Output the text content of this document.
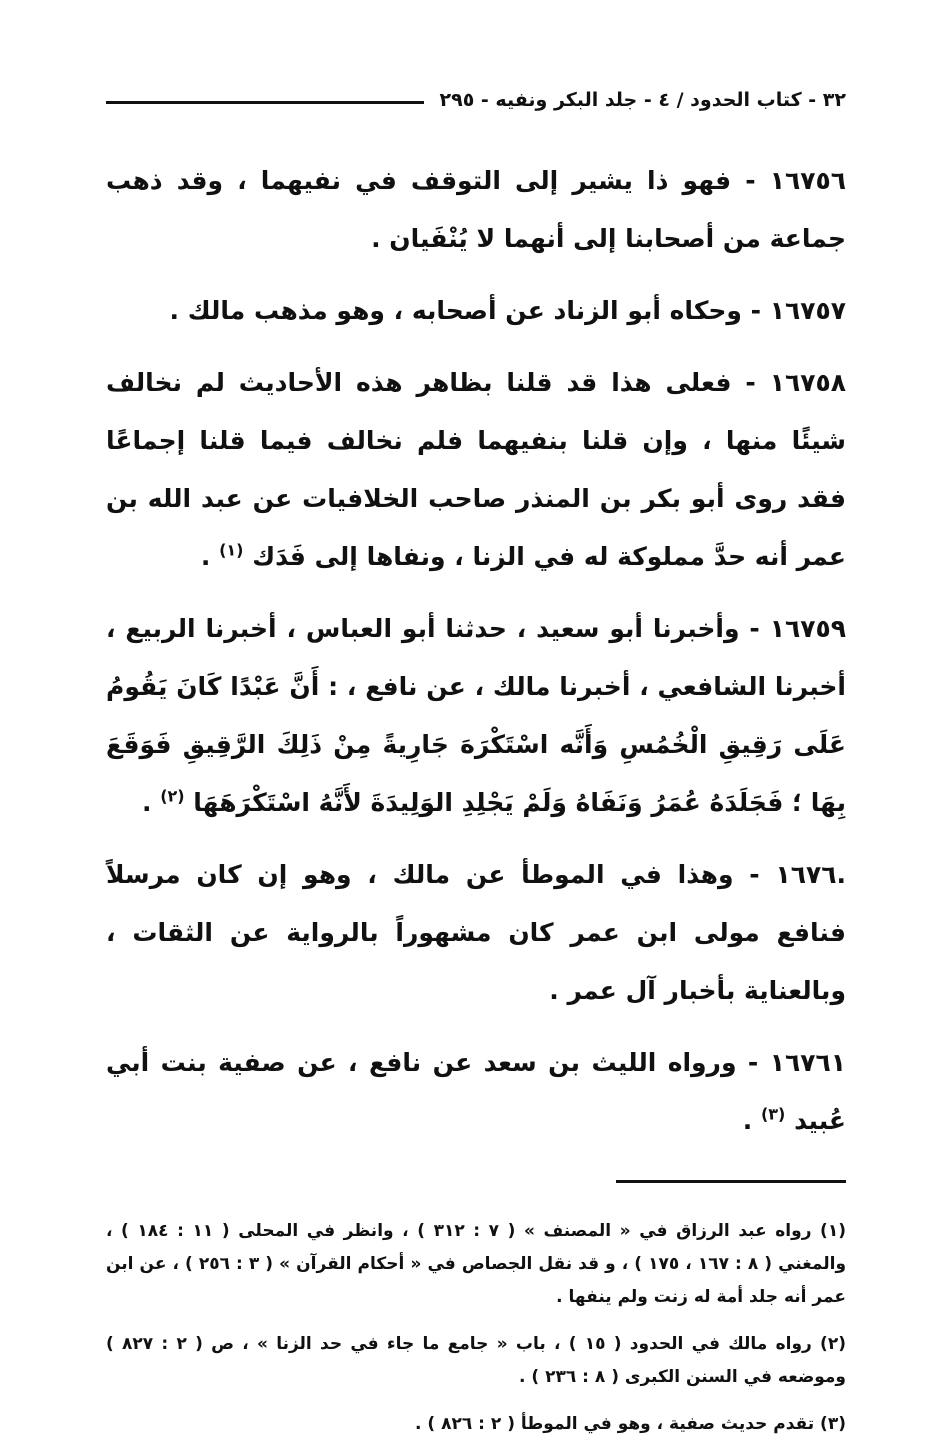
٣٢ - كتاب الحدود / ٤ - جلد البكر ونفيه - ٢٩٥

١٦٧٥٦ - فهو ذا يشير إلى التوقف في نفيهما ، وقد ذهب جماعة من أصحابنا إلى أنهما لا يُنْفَيان .

١٦٧٥٧ - وحكاه أبو الزناد عن أصحابه ، وهو مذهب مالك .

١٦٧٥٨ - فعلى هذا قد قلنا بظاهر هذه الأحاديث لم نخالف شيئًا منها ، وإن قلنا بنفيهما فلم نخالف فيما قلنا إجماعًا فقد روى أبو بكر بن المنذر صاحب الخلافيات عن عبد الله بن عمر أنه حدَّ مملوكة له في الزنا ، ونفاها إلى فَدَك $^{(١)}$ .

١٦٧٥٩ - وأخبرنا أبو سعيد ، حدثنا أبو العباس ، أخبرنا الربيع ، أخبرنا الشافعي ، أخبرنا مالك ، عن نافع ، : أَنَّ عَبْدًا كَانَ يَقُومُ عَلَى رَقِيقِ الْخُمُسِ وَأَنَّه اسْتَكْرَهَ جَارِيةً مِنْ ذَلِكَ الرَّقِيقِ فَوَقَعَ بِهَا ؛ فَجَلَدَهُ عُمَرُ وَنَفَاهُ وَلَمْ يَجْلِدِ الوَلِيدَةَ لأَنَّهُ اسْتَكْرَهَهَا $^{(٢)}$ .

.١٦٧٦ - وهذا في الموطأ عن مالك ، وهو إن كان مرسلاً فنافع مولى ابن عمر كان مشهوراً بالرواية عن الثقات ، وبالعناية بأخبار آل عمر .

١٦٧٦١ - ورواه الليث بن سعد عن نافع ، عن صفية بنت أبي عُبيد $^{(٣)}$ .

(١) رواه عبد الرزاق في « المصنف » ( ٧ : ٣١٢ ) ، وانظر في المحلى ( ١١ : ١٨٤ ) ، والمغني ( ٨ : ١٦٧ ، ١٧٥ ) ، و قد نقل الجصاص في « أحكام القرآن » ( ٣ : ٢٥٦ ) ، عن ابن عمر أنه جلد أمة له زنت ولم ينفها .

(٢) رواه مالك في الحدود ( ١٥ ) ، باب « جامع ما جاء في حد الزنا » ، ص ( ٢ : ٨٢٧ ) وموضعه في السنن الكبرى ( ٨ : ٢٣٦ ) .

(٣) تقدم حديث صفية ، وهو في الموطأ ( ٢ : ٨٢٦ ) .
